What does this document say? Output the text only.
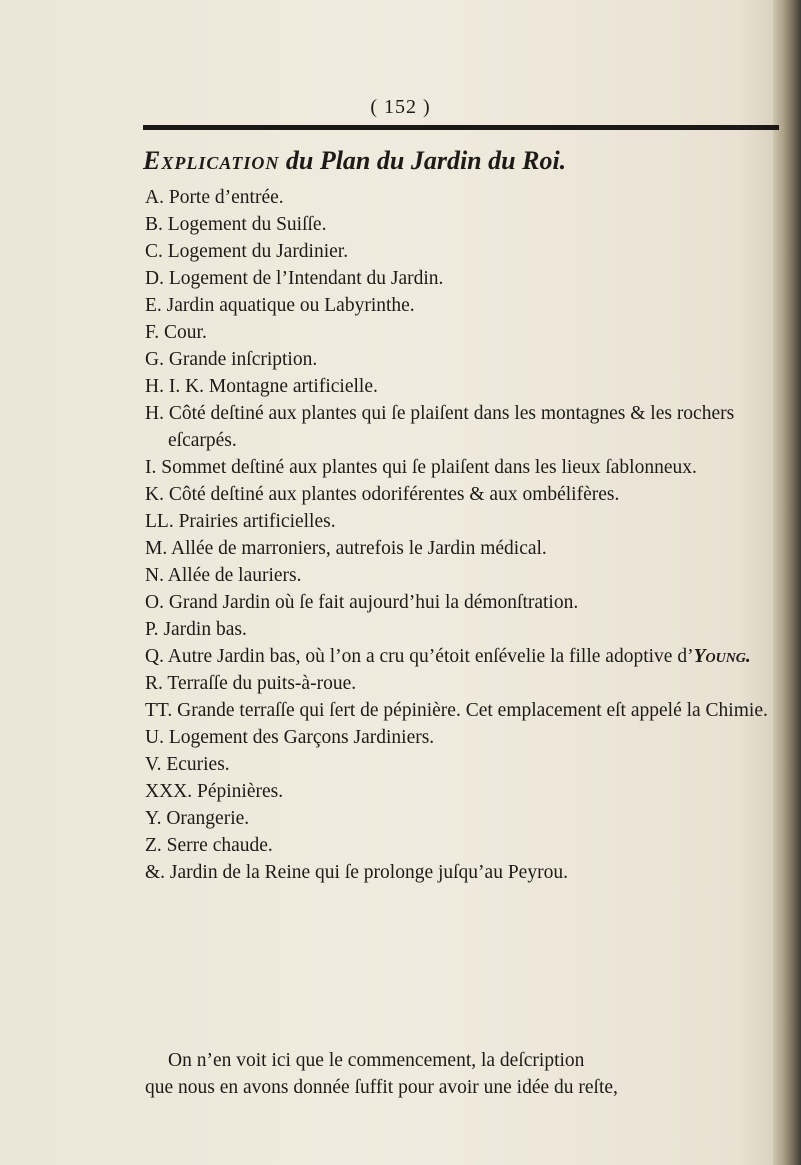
( 152 )
Explication du Plan du Jardin du Roi.
A. Porte d’entrée.
B. Logement du Suiſſe.
C. Logement du Jardinier.
D. Logement de l’Intendant du Jardin.
E. Jardin aquatique ou Labyrinthe.
F. Cour.
G. Grande inſcription.
H. I. K. Montagne artificielle.
H. Côté deſtiné aux plantes qui ſe plaiſent dans les montagnes & les rochers eſcarpés.
I. Sommet deſtiné aux plantes qui ſe plaiſent dans les lieux ſablonneux.
K. Côté deſtiné aux plantes odoriférentes & aux ombélifères.
LL. Prairies artificielles.
M. Allée de marroniers, autrefois le Jardin médical.
N. Allée de lauriers.
O. Grand Jardin où ſe fait aujourd’hui la démonſtration.
P. Jardin bas.
Q. Autre Jardin bas, où l’on a cru qu’étoit enſévelie la fille adoptive d’Young.
R. Terraſſe du puits-à-roue.
TT. Grande terraſſe qui ſert de pépinière. Cet emplacement eſt appelé la Chimie.
U. Logement des Garçons Jardiniers.
V. Ecuries.
XXX. Pépinières.
Y. Orangerie.
Z. Serre chaude.
&. Jardin de la Reine qui ſe prolonge juſqu’au Peyrou.

On n’en voit ici que le commencement, la deſcription

que nous en avons donnée ſuffit pour avoir une idée du reſte,
